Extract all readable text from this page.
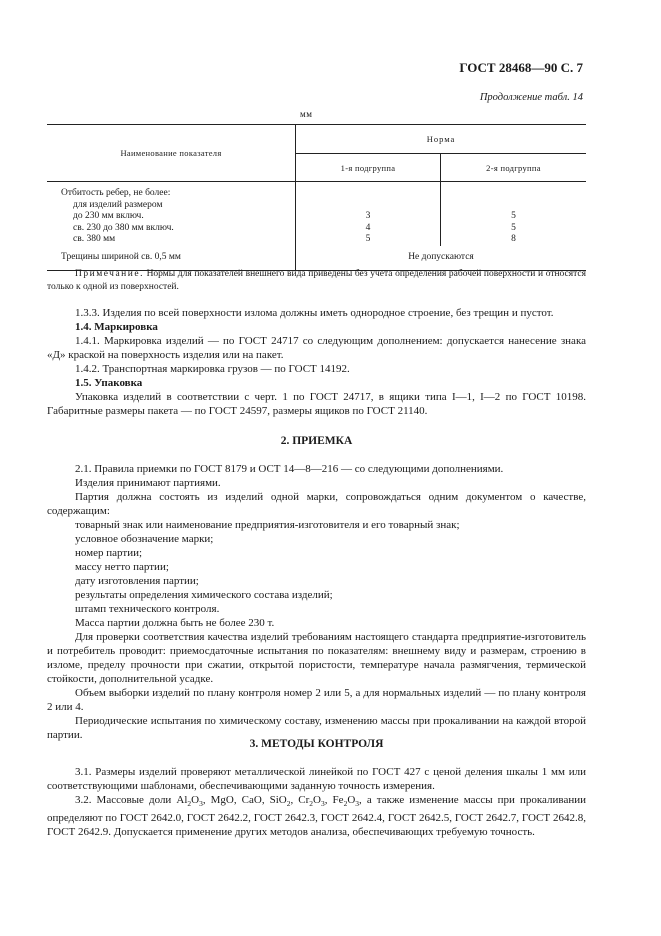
ГОСТ 28468—90 С. 7
Продолжение табл. 14
мм
Наименование показателя	Норма	
	1-я подгруппа	2-я подгруппа
Отбитость ребер, не более:		
для изделий размером		
до 230 мм включ.	3	5
св. 230 до 380 мм включ.	4	5
св. 380 мм	5	8
Трещины шириной св. 0,5 мм	Не допускаются	

Примечание. Нормы для показателей внешнего вида приведены без учета определения рабочей поверхности и относятся только к одной из поверхностей.

1.3.3. Изделия по всей поверхности излома должны иметь однородное строение, без трещин и пустот.

1.4. Маркировка

1.4.1. Маркировка изделий — по ГОСТ 24717 со следующим дополнением: допускается нанесение знака «Д» краской на поверхность изделия или на пакет.

1.4.2. Транспортная маркировка грузов — по ГОСТ 14192.

1.5. Упаковка

Упаковка изделий в соответствии с черт. 1 по ГОСТ 24717, в ящики типа I—1, I—2 по ГОСТ 10198. Габаритные размеры пакета — по ГОСТ 24597, размеры ящиков по ГОСТ 21140.

2. ПРИЕМКА

2.1. Правила приемки по ГОСТ 8179 и ОСТ 14—8—216 — со следующими дополнениями.

Изделия принимают партиями.

Партия должна состоять из изделий одной марки, сопровождаться одним документом о качестве, содержащим:

товарный знак или наименование предприятия-изготовителя и его товарный знак;

условное обозначение марки;

номер партии;

массу нетто партии;

дату изготовления партии;

результаты определения химического состава изделий;

штамп технического контроля.

Масса партии должна быть не более 230 т.

Для проверки соответствия качества изделий требованиям настоящего стандарта предприятие-изготовитель и потребитель проводит: приемосдаточные испытания по показателям: внешнему виду и размерам, строению в изломе, пределу прочности при сжатии, открытой пористости, температуре начала размягчения, термической стойкости, дополнительной усадке.

Объем выборки изделий по плану контроля номер 2 или 5, а для нормальных изделий — по плану контроля 2 или 4.

Периодические испытания по химическому составу, изменению массы при прокаливании на каждой второй партии.

3. МЕТОДЫ КОНТРОЛЯ

3.1. Размеры изделий проверяют металлической линейкой по ГОСТ 427 с ценой деления шкалы 1 мм или соответствующими шаблонами, обеспечивающими заданную точность измерения.

3.2. Массовые доли $Al_2O_3$, MgO, CaO, SiO$_2$, $Cr_2O_3$, $Fe_2O_3$, а также изменение массы при прокаливании определяют по ГОСТ 2642.0, ГОСТ 2642.2, ГОСТ 2642.3, ГОСТ 2642.4, ГОСТ 2642.5, ГОСТ 2642.7, ГОСТ 2642.8, ГОСТ 2642.9. Допускается применение других методов анализа, обеспечивающих требуемую точность.
